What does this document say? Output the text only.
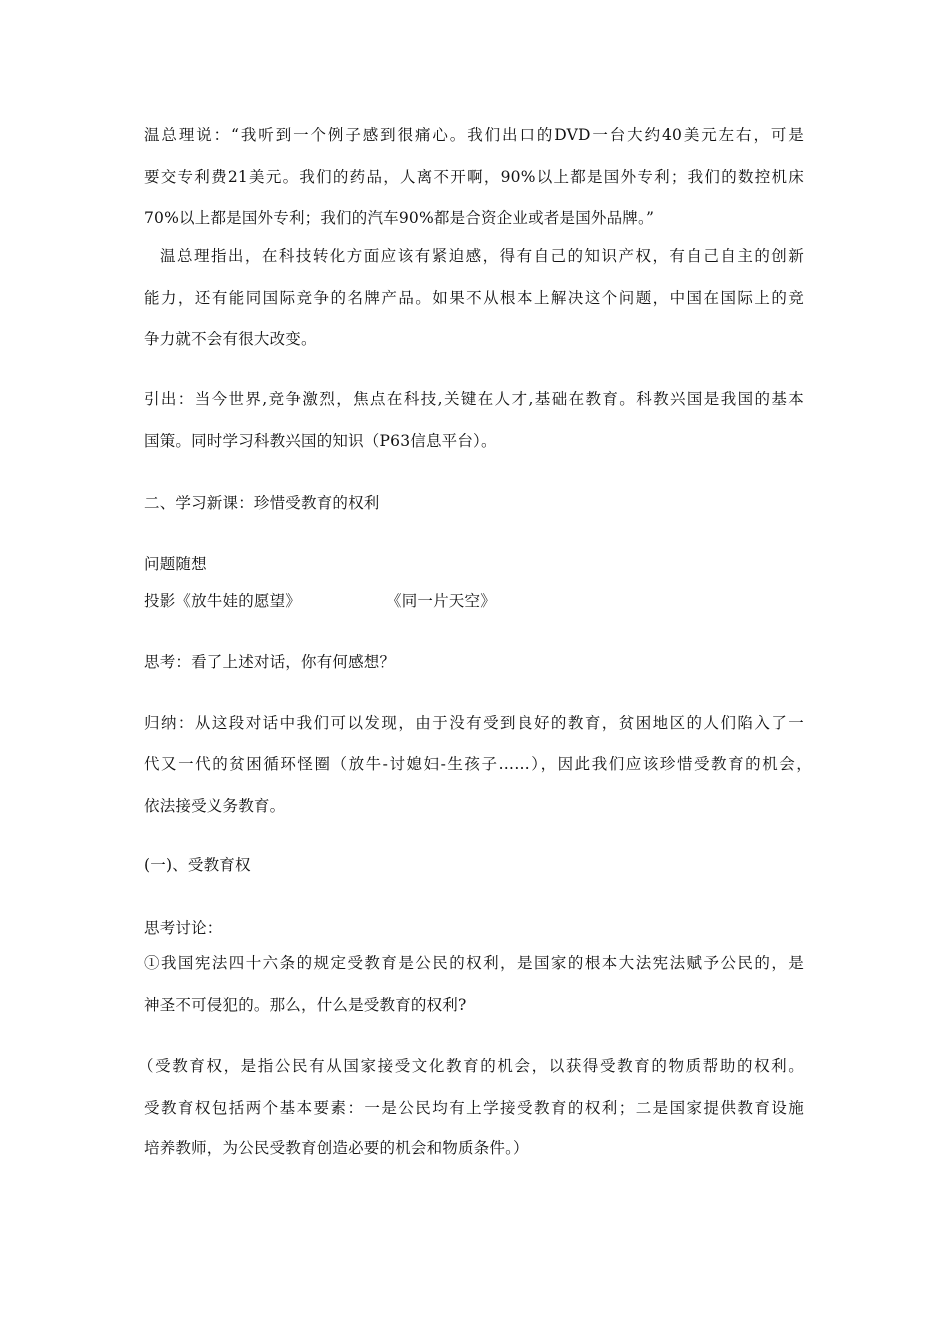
温总理说：“我听到一个例子感到很痛心。我们出口的DVD一台大约40美元左右，可是
要交专利费21美元。我们的药品，人离不开啊，90%以上都是国外专利；我们的数控机床
70%以上都是国外专利；我们的汽车90%都是合资企业或者是国外品牌。”
温总理指出，在科技转化方面应该有紧迫感，得有自己的知识产权，有自己自主的创新
能力，还有能同国际竞争的名牌产品。如果不从根本上解决这个问题，中国在国际上的竞
争力就不会有很大改变。
引出：当今世界,竞争激烈，焦点在科技,关键在人才,基础在教育。科教兴国是我国的基本
国策。同时学习科教兴国的知识（P63信息平台）。
二、学习新课：珍惜受教育的权利
问题随想
投影《放牛娃的愿望》	《同一片天空》
思考：看了上述对话，你有何感想？
归纳：从这段对话中我们可以发现，由于没有受到良好的教育，贫困地区的人们陷入了一
代又一代的贫困循环怪圈（放牛-讨媳妇-生孩子……），因此我们应该珍惜受教育的机会，
依法接受义务教育。
(一)、受教育权
思考讨论：
①我国宪法四十六条的规定受教育是公民的权利，是国家的根本大法宪法赋予公民的，是
神圣不可侵犯的。那么，什么是受教育的权利?
（受教育权，是指公民有从国家接受文化教育的机会，以获得受教育的物质帮助的权利。
受教育权包括两个基本要素：一是公民均有上学接受教育的权利；二是国家提供教育设施
培养教师，为公民受教育创造必要的机会和物质条件。）
